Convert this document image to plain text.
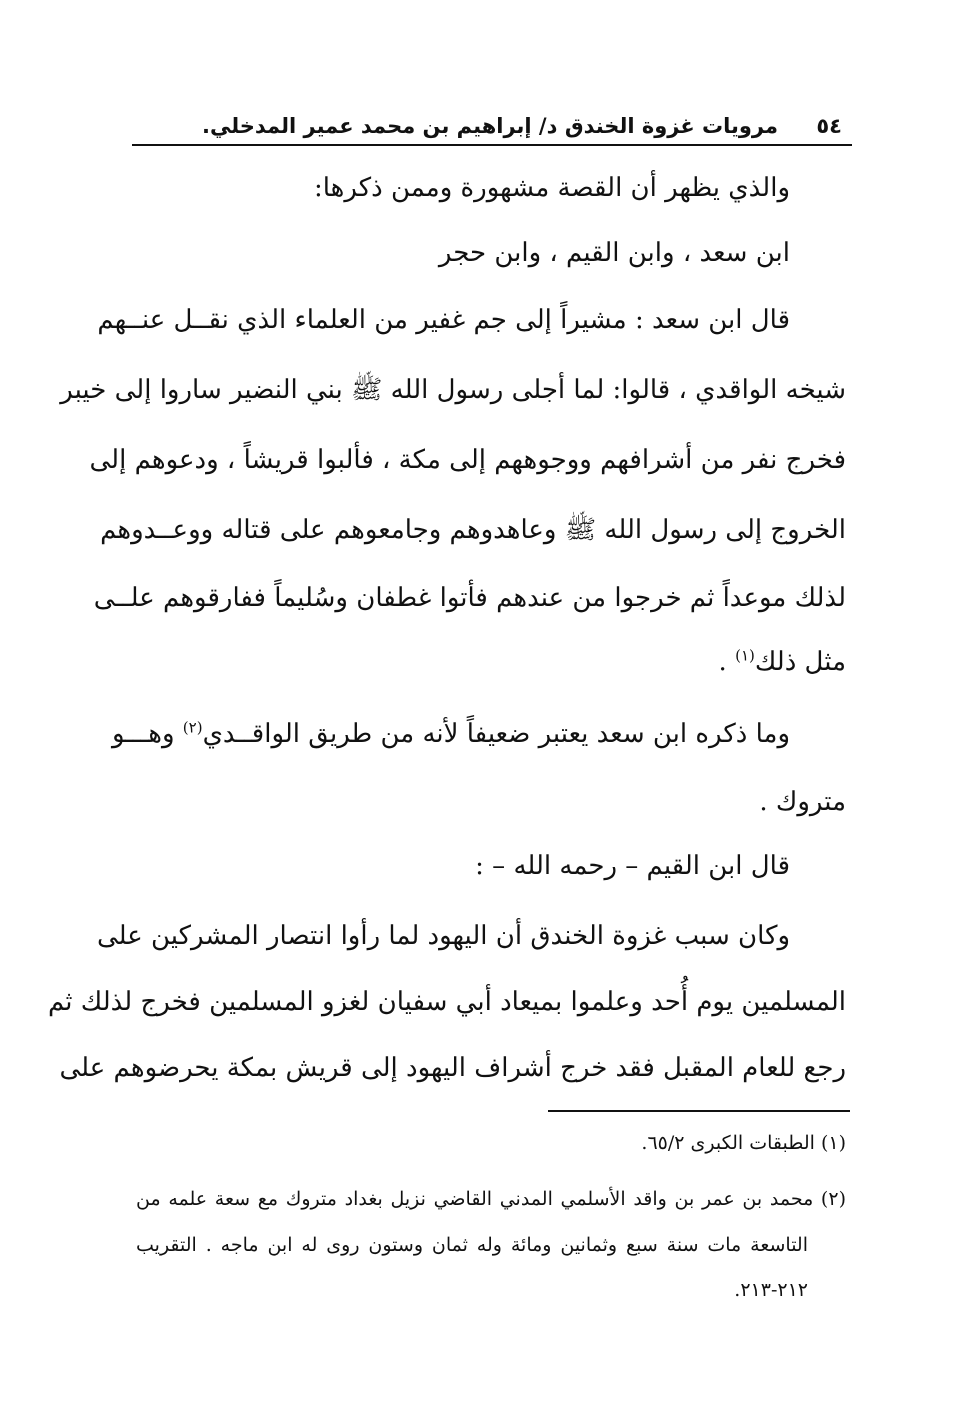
٥٤
مرويات غزوة الخندق
د/ إبراهيم بن محمد عمير المدخلي.
والذي يظهر أن القصة مشهورة وممن ذكرها:
ابن سعد ، وابن القيم ، وابن حجر
قال ابن سعد : مشيراً إلى جم غفير من العلماء الذي نقــل عنــهم
شيخه الواقدي ، قالوا: لما أجلى رسول الله ﷺ بني النضير ساروا إلى خيبر
فخرج نفر من أشرافهم ووجوههم إلى مكة ، فألبوا قريشاً ، ودعوهم إلى
الخروج إلى رسول الله ﷺ وعاهدوهم وجامعوهم على قتاله ووعــدوهم
لذلك موعداً ثم خرجوا من عندهم فأتوا غطفان وسُليماً ففارقوهم علــى
مثل ذلك$^{(١)}$ .
وما ذكره ابن سعد يعتبر ضعيفاً لأنه من طريق الواقــدي$^{(٢)}$ وهـــو
متروك .
قال ابن القيم – رحمه الله – :
وكان سبب غزوة الخندق أن اليهود لما رأوا انتصار المشركين على
المسلمين يوم أُحد وعلموا بميعاد أبي سفيان لغزو المسلمين فخرج لذلك ثم
رجع للعام المقبل فقد خرج أشراف اليهود إلى قريش بمكة يحرضوهم على
(١) الطبقات الكبرى ٦٥/٢.
(٢) محمد بن عمر بن واقد الأسلمي المدني القاضي نزيل بغداد متروك مع سعة علمه من
التاسعة مات سنة سبع وثمانين ومائة وله ثمان وستون روى له ابن ماجه . التقريب
٢١٢-٢١٣.
